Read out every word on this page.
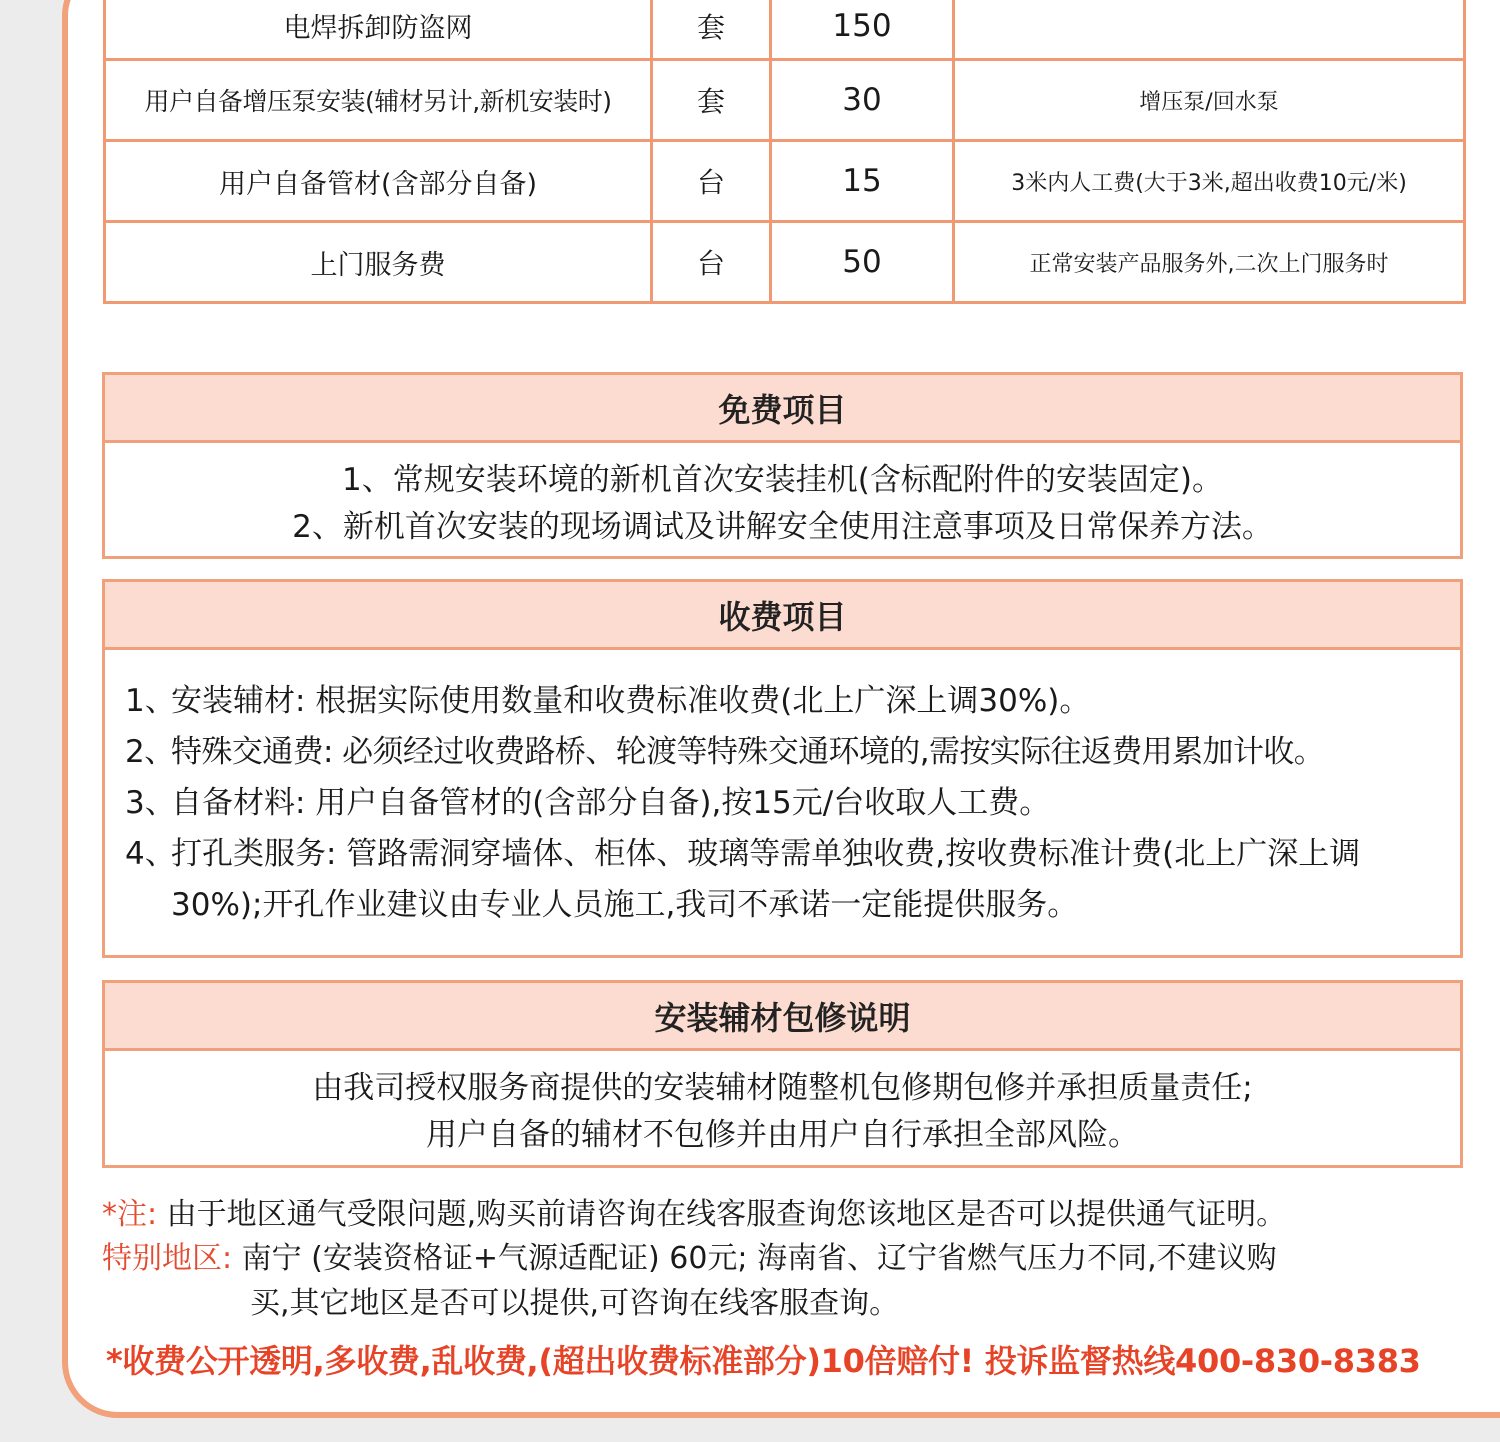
电焊拆卸防盗网	套	150	
用户自备增压泵安装(辅材另计,新机安装时)	套	30	增压泵/回水泵
用户自备管材(含部分自备)	台	15	3米内人工费(大于3米,超出收费10元/米)
上门服务费	台	50	正常安装产品服务外,二次上门服务时
免费项目
1、常规安装环境的新机首次安装挂机(含标配附件的安装固定)。
2、新机首次安装的现场调试及讲解安全使用注意事项及日常保养方法。
收费项目
1、
安装辅材: 根据实际使用数量和收费标准收费(北上广深上调30%)。
2、
特殊交通费: 必须经过收费路桥、轮渡等特殊交通环境的,需按实际往返费用累加计收。
3、
自备材料: 用户自备管材的(含部分自备),按15元/台收取人工费。
4、
打孔类服务: 管路需洞穿墙体、柜体、玻璃等需单独收费,按收费标准计费(北上广深上调30%);开孔作业建议由专业人员施工,我司不承诺一定能提供服务。
安装辅材包修说明
由我司授权服务商提供的安装辅材随整机包修期包修并承担质量责任;
用户自备的辅材不包修并由用户自行承担全部风险。
*注: 由于地区通气受限问题,购买前请咨询在线客服查询您该地区是否可以提供通气证明。
特别地区: 南宁 (安装资格证+气源适配证) 60元; 海南省、辽宁省燃气压力不同,不建议购
买,其它地区是否可以提供,可咨询在线客服查询。
*收费公开透明,多收费,乱收费,(超出收费标准部分)10倍赔付! 投诉监督热线400-830-8383
